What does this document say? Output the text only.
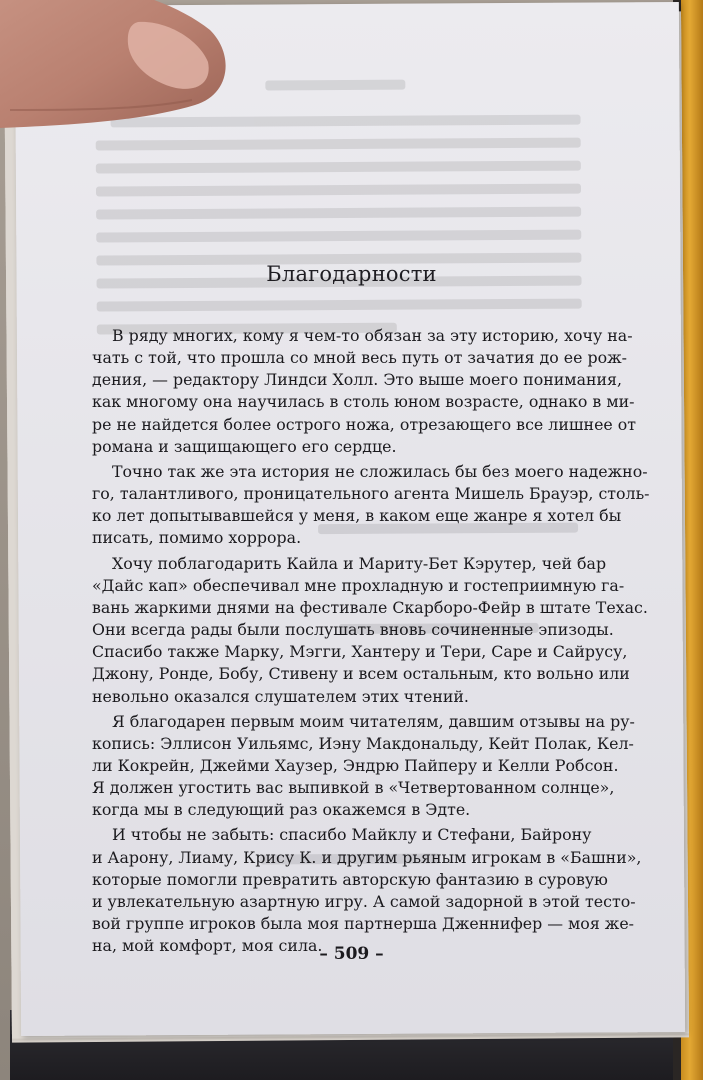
Благодарности
В ряду многих, кому я чем-то обязан за эту историю, хочу на-
чать с той, что прошла со мной весь путь от зачатия до ее рож-
дения, — редактору Линдси Холл. Это выше моего понимания,
как многому она научилась в столь юном возрасте, однако в ми-
ре не найдется более острого ножа, отрезающего все лишнее от
романа и защищающего его сердце.
Точно так же эта история не сложилась бы без моего надежно-
го, талантливого, проницательного агента Мишель Брауэр, столь-
ко лет допытывавшейся у меня, в каком еще жанре я хотел бы
писать, помимо хоррора.
Хочу поблагодарить Кайла и Мариту-Бет Кэрутер, чей бар
«Дайс кап» обеспечивал мне прохладную и гостеприимную га-
вань жаркими днями на фестивале Скарборо-Фейр в штате Техас.
Они всегда рады были послушать вновь сочиненные эпизоды.
Спасибо также Марку, Мэгги, Хантеру и Тери, Саре и Сайрусу,
Джону, Ронде, Бобу, Стивену и всем остальным, кто вольно или
невольно оказался слушателем этих чтений.
Я благодарен первым моим читателям, давшим отзывы на ру-
копись: Эллисон Уильямс, Иэну Макдональду, Кейт Полак, Кел-
ли Кокрейн, Джейми Хаузер, Эндрю Пайперу и Келли Робсон.
Я должен угостить вас выпивкой в «Четвертованном солнце»,
когда мы в следующий раз окажемся в Эдте.
И чтобы не забыть: спасибо Майклу и Стефани, Байрону
и Аарону, Лиаму, Крису К. и другим рьяным игрокам в «Башни»,
которые помогли превратить авторскую фантазию в суровую
и увлекательную азартную игру. А самой задорной в этой тесто-
вой группе игроков была моя партнерша Дженнифер — моя же-
на, мой комфорт, моя сила.
– 509 –
